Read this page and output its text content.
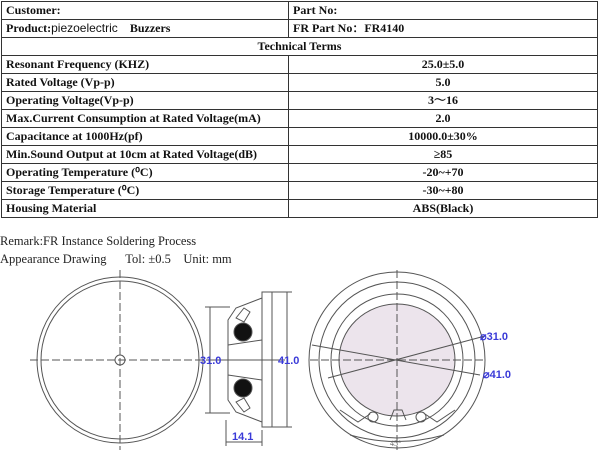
Customer:	Part No:
Product:piezoelectric Buzzers	FR Part No：FR4140
Technical Terms	
Resonant Frequency (KHZ)	25.0±5.0
Rated Voltage (Vp-p)	5.0
Operating Voltage(Vp-p)	3～16
Max.Current Consumption at Rated Voltage(mA)	2.0
Capacitance at 1000Hz(pf)	10000.0±30%
Min.Sound Output at 10cm at Rated Voltage(dB)	≥85
Operating Temperature (⁰C)	-20~+70
Storage Temperature (⁰C)	-30~+80
Housing Material	ABS(Black)
Remark:FR Instance Soldering Process
Appearance Drawing Tol: ±0.5 Unit: mm
31.0	41.0
14.1
⌀31.0
⌀41.0
45°
